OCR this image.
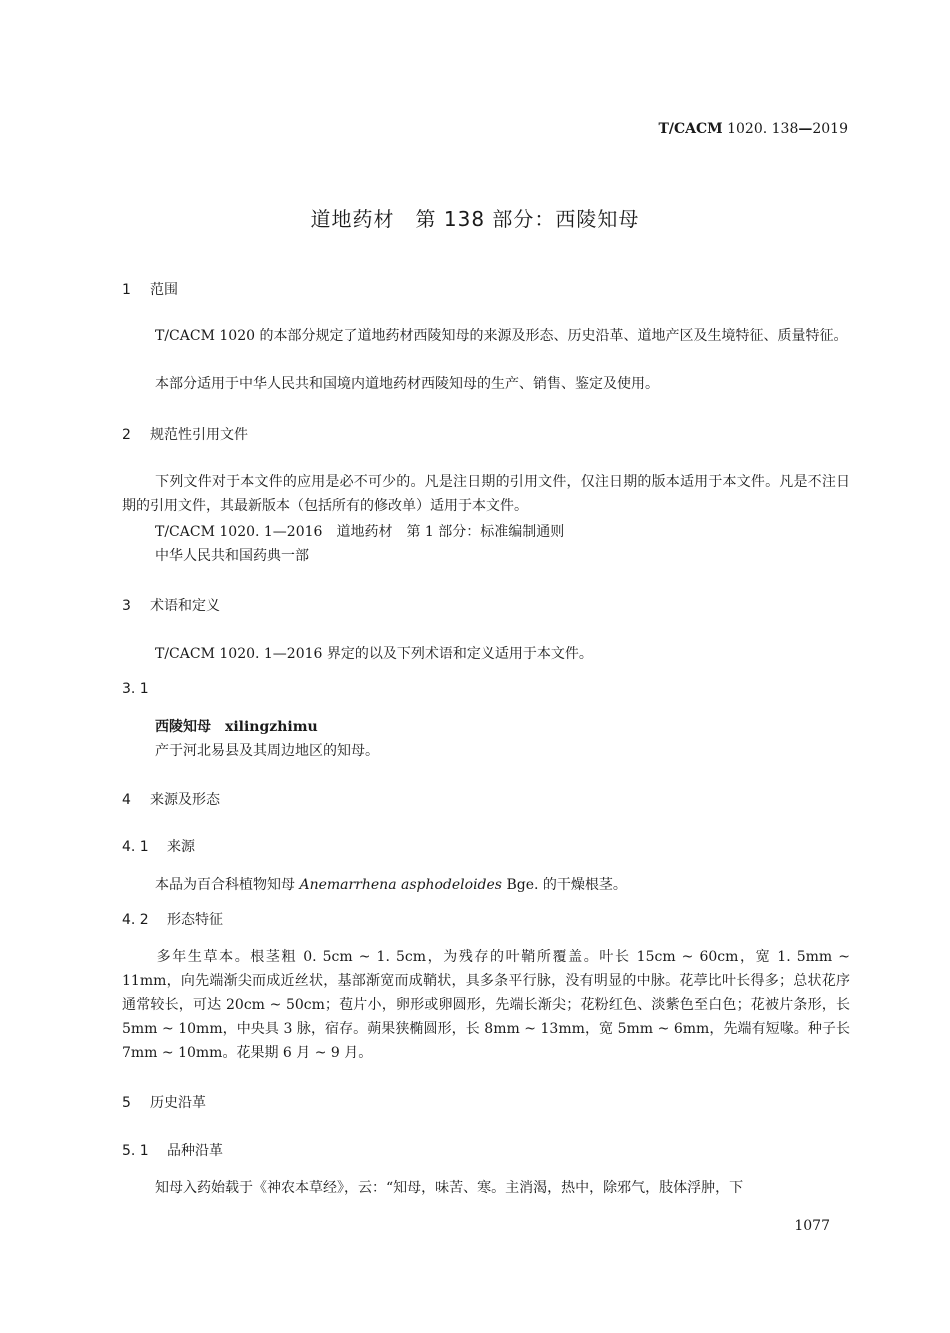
T/CACM 1020. 138—2019
道地药材　第 138 部分：西陵知母
1 范围
T/CACM 1020 的本部分规定了道地药材西陵知母的来源及形态、历史沿革、道地产区及生境特征、质量特征。
本部分适用于中华人民共和国境内道地药材西陵知母的生产、销售、鉴定及使用。
2 规范性引用文件
下列文件对于本文件的应用是必不可少的。凡是注日期的引用文件，仅注日期的版本适用于本文件。凡是不注日期的引用文件，其最新版本（包括所有的修改单）适用于本文件。
T/CACM 1020. 1—2016　道地药材　第 1 部分：标准编制通则
中华人民共和国药典一部
3 术语和定义
T/CACM 1020. 1—2016 界定的以及下列术语和定义适用于本文件。
3. 1
西陵知母　 xilingzhimu
产于河北易县及其周边地区的知母。
4 来源及形态
4. 1 来源
本品为百合科植物知母 Anemarrhena asphodeloides Bge. 的干燥根茎。
4. 2 形态特征
多年生草本。根茎粗 0. 5cm ~ 1. 5cm，为残存的叶鞘所覆盖。叶长 15cm ~ 60cm，宽 1. 5mm ~ 11mm，向先端渐尖而成近丝状，基部渐宽而成鞘状，具多条平行脉，没有明显的中脉。花葶比叶长得多；总状花序通常较长，可达 20cm ~ 50cm；苞片小，卵形或卵圆形，先端长渐尖；花粉红色、淡紫色至白色；花被片条形，长 5mm ~ 10mm，中央具 3 脉，宿存。蒴果狭椭圆形，长 8mm ~ 13mm，宽 5mm ~ 6mm，先端有短喙。种子长 7mm ~ 10mm。花果期 6 月 ~ 9 月。
5 历史沿革
5. 1 品种沿革
知母入药始载于《神农本草经》，云：“知母，味苦、寒。主消渴，热中，除邪气，肢体浮肿，下
1077
